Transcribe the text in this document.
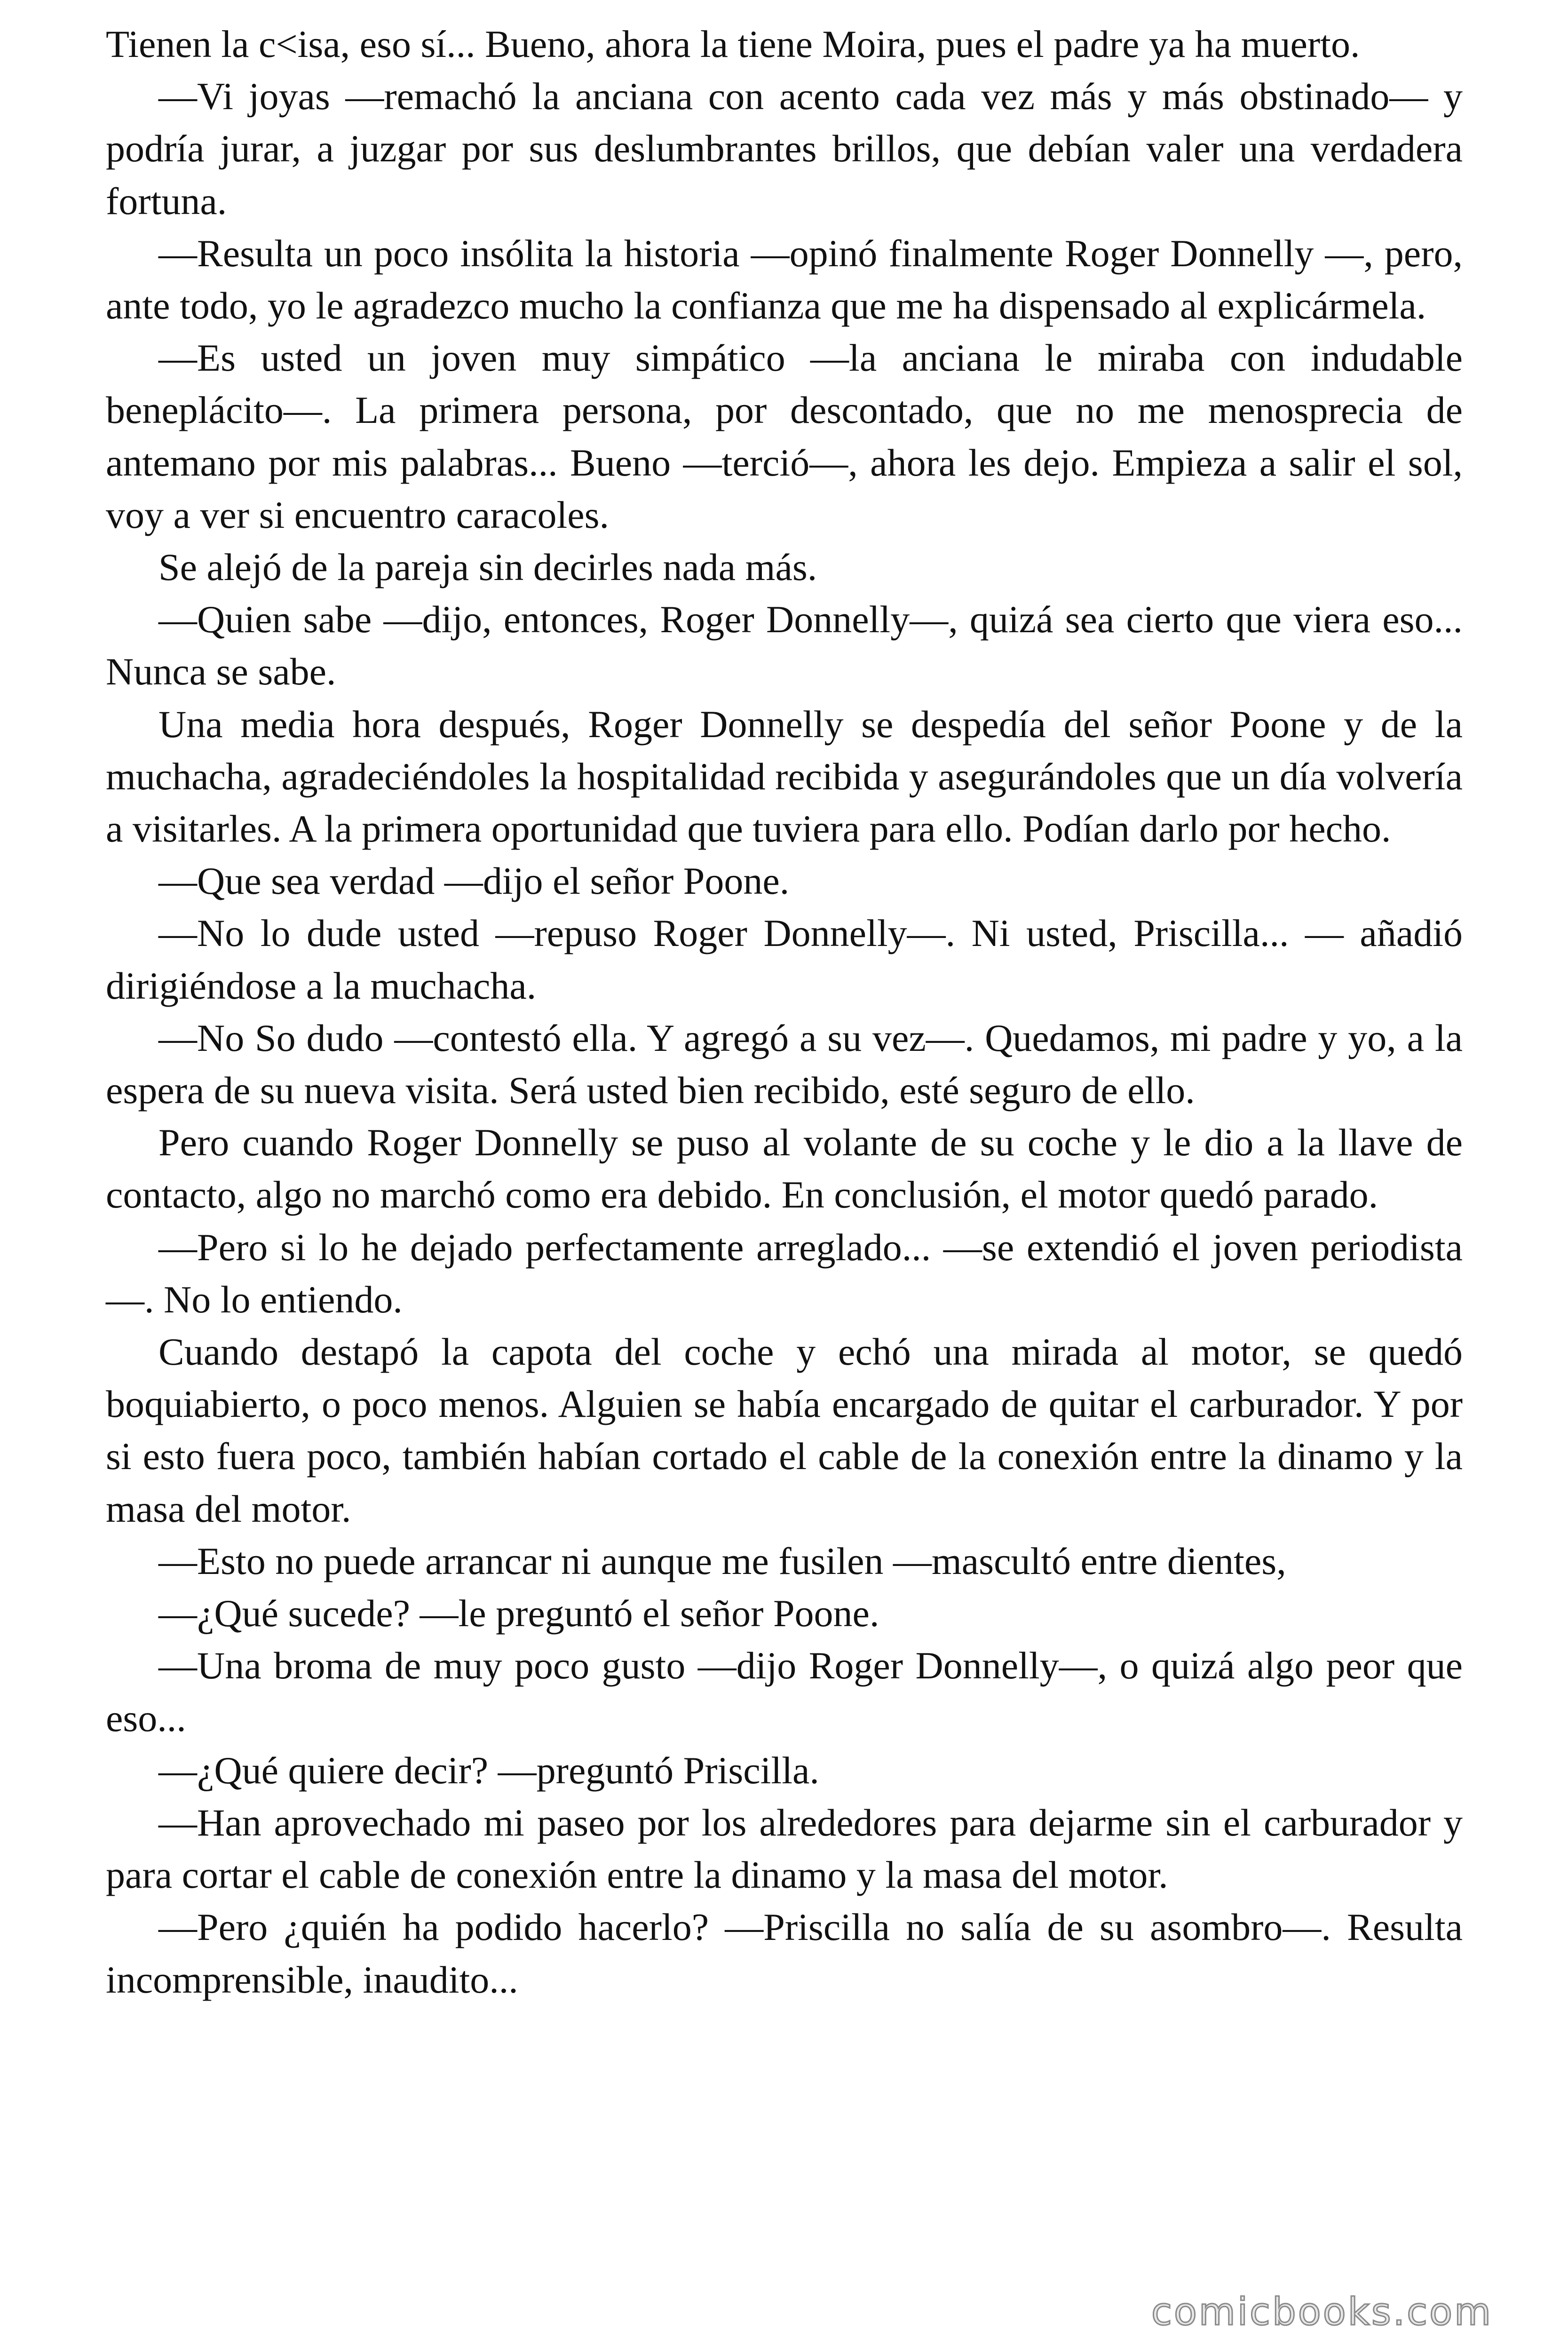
Tienen la c<isa, eso sí... Bueno, ahora la tiene Moira, pues el padre ya ha muerto.

—Vi joyas —remachó la anciana con acento cada vez más y más obstinado— y podría jurar, a juzgar por sus deslumbrantes brillos, que debían valer una verdadera fortuna.

—Resulta un poco insólita la historia —opinó finalmente Roger Donnelly —, pero, ante todo, yo le agradezco mucho la confianza que me ha dispensado al explicármela.

—Es usted un joven muy simpático —la anciana le miraba con indudable beneplácito—. La primera persona, por descontado, que no me menosprecia de antemano por mis palabras... Bueno —terció—, ahora les dejo. Empieza a salir el sol, voy a ver si encuentro caracoles.

Se alejó de la pareja sin decirles nada más.

—Quien sabe —dijo, entonces, Roger Donnelly—, quizá sea cierto que viera eso... Nunca se sabe.

Una media hora después, Roger Donnelly se despedía del señor Poone y de la muchacha, agradeciéndoles la hospitalidad recibida y asegurándoles que un día volvería a visitarles. A la primera oportunidad que tuviera para ello. Podían darlo por hecho.

—Que sea verdad —dijo el señor Poone.

—No lo dude usted —repuso Roger Donnelly—. Ni usted, Priscilla... — añadió dirigiéndose a la muchacha.

—No So dudo —contestó ella. Y agregó a su vez—. Quedamos, mi padre y yo, a la espera de su nueva visita. Será usted bien recibido, esté seguro de ello.

Pero cuando Roger Donnelly se puso al volante de su coche y le dio a la llave de contacto, algo no marchó como era debido. En conclusión, el motor quedó parado.

—Pero si lo he dejado perfectamente arreglado... —se extendió el joven periodista—. No lo entiendo.

Cuando destapó la capota del coche y echó una mirada al motor, se quedó boquiabierto, o poco menos. Alguien se había encargado de quitar el carburador. Y por si esto fuera poco, también habían cortado el cable de la conexión entre la dinamo y la masa del motor.

—Esto no puede arrancar ni aunque me fusilen —mascultó entre dientes,

—¿Qué sucede? —le preguntó el señor Poone.

—Una broma de muy poco gusto —dijo Roger Donnelly—, o quizá algo peor que eso...

—¿Qué quiere decir? —preguntó Priscilla.

—Han aprovechado mi paseo por los alrededores para dejarme sin el carburador y para cortar el cable de conexión entre la dinamo y la masa del motor.

—Pero ¿quién ha podido hacerlo? —Priscilla no salía de su asombro—. Resulta incomprensible, inaudito...

comicbooks.com
